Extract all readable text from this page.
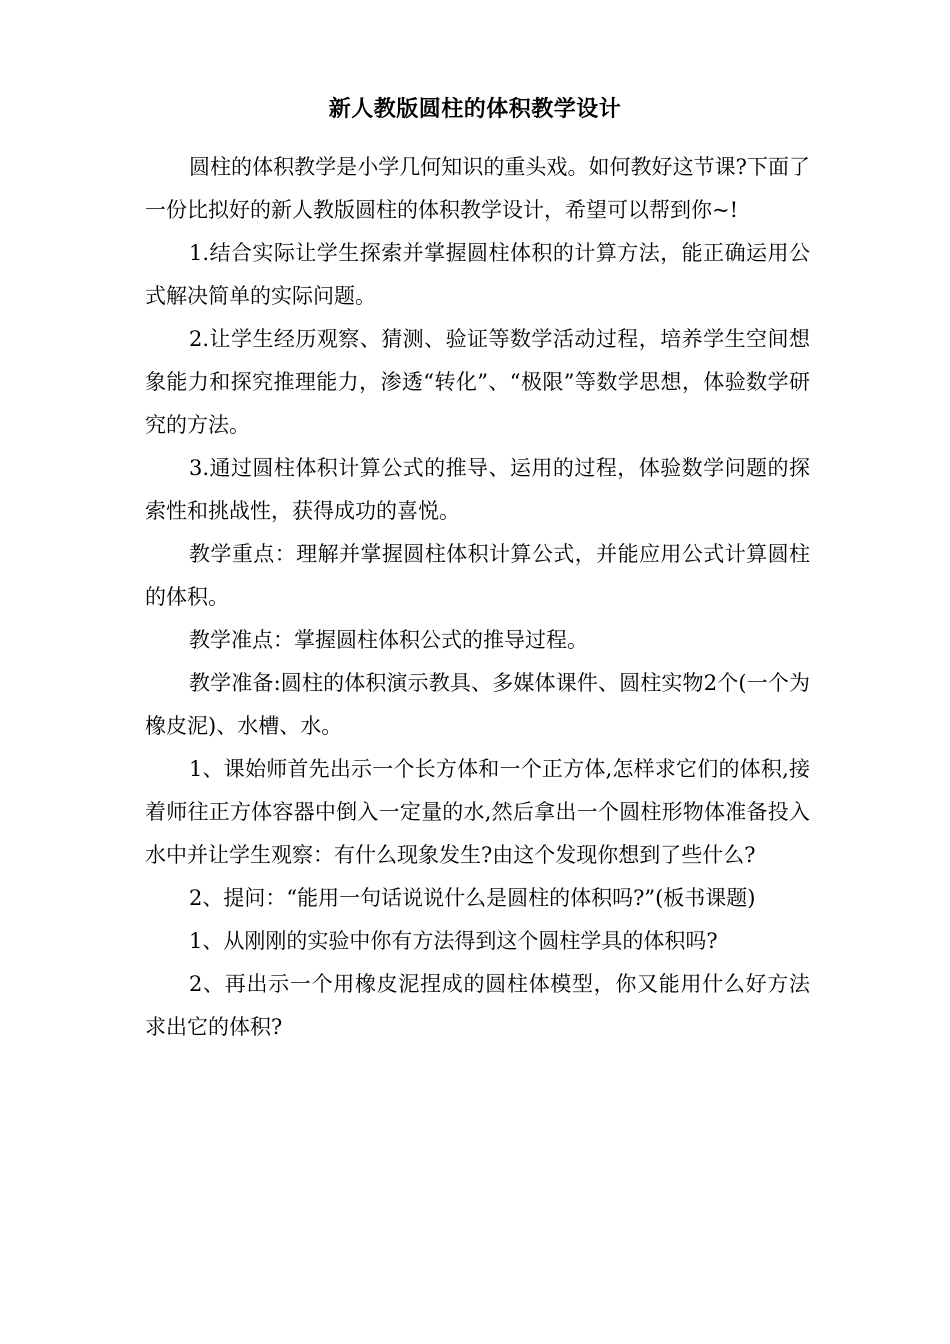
新人教版圆柱的体积教学设计

圆柱的体积教学是小学几何知识的重头戏。如何教好这节课?下面了一份比拟好的新人教版圆柱的体积教学设计，希望可以帮到你~!

1.结合实际让学生探索并掌握圆柱体积的计算方法，能正确运用公式解决简单的实际问题。

2.让学生经历观察、猜测、验证等数学活动过程，培养学生空间想象能力和探究推理能力，渗透“转化”、“极限”等数学思想，体验数学研究的方法。

3.通过圆柱体积计算公式的推导、运用的过程，体验数学问题的探索性和挑战性，获得成功的喜悦。

教学重点：理解并掌握圆柱体积计算公式，并能应用公式计算圆柱的体积。

教学准点：掌握圆柱体积公式的推导过程。

教学准备:圆柱的体积演示教具、多媒体课件、圆柱实物2个(一个为橡皮泥)、水槽、水。

1、课始师首先出示一个长方体和一个正方体,怎样求它们的体积,接着师往正方体容器中倒入一定量的水,然后拿出一个圆柱形物体准备投入水中并让学生观察：有什么现象发生?由这个发现你想到了些什么?

2、提问：“能用一句话说说什么是圆柱的体积吗?”(板书课题)

1、从刚刚的实验中你有方法得到这个圆柱学具的体积吗?

2、再出示一个用橡皮泥捏成的圆柱体模型，你又能用什么好方法求出它的体积?
